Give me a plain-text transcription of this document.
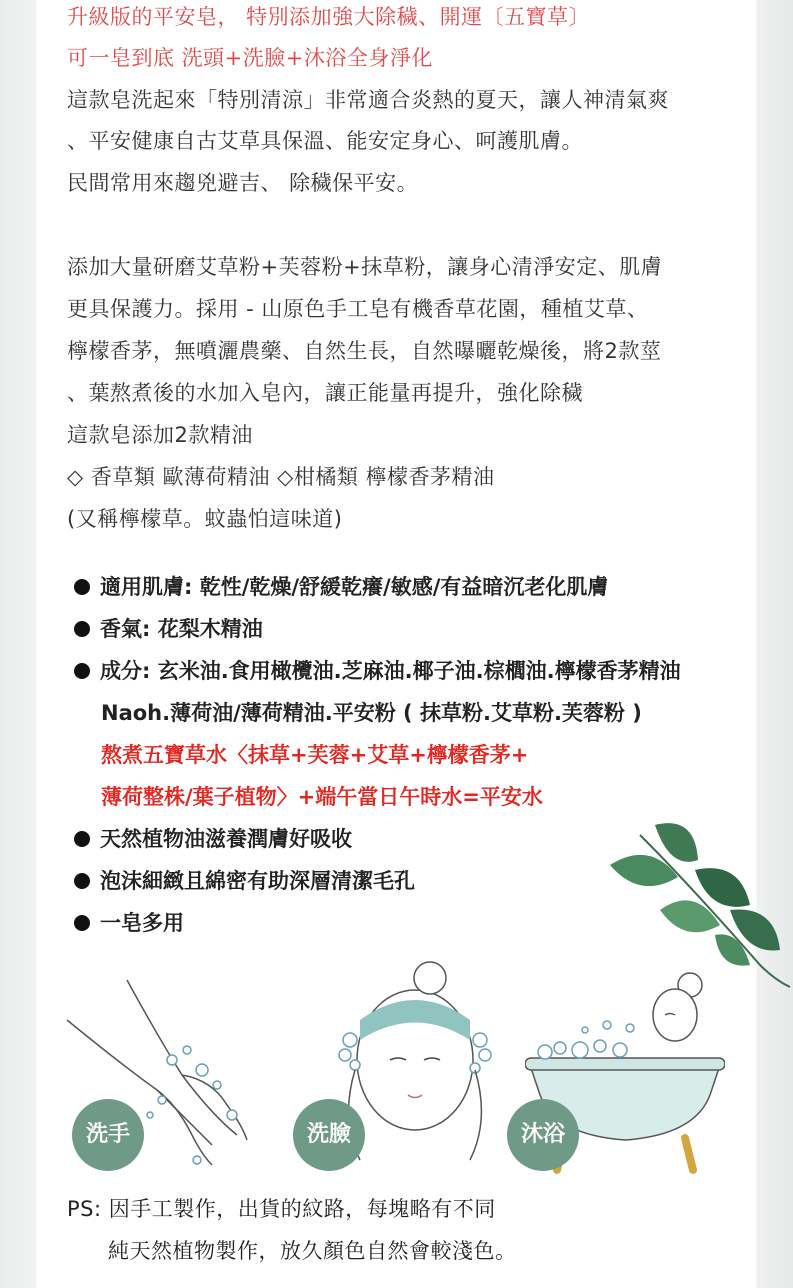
升級版的平安皂， 特別添加強大除穢、開運〔五寶草〕
可一皂到底 洗頭+洗臉+沐浴全身淨化
這款皂洗起來「特別清涼」非常適合炎熱的夏天，讓人神清氣爽
、平安健康自古艾草具保溫、能安定身心、呵護肌膚。
民間常用來趨兇避吉、 除穢保平安。
添加大量研磨艾草粉+芙蓉粉+抹草粉，讓身心清淨安定、肌膚
更具保護力。採用 - 山原色手工皂有機香草花園，種植艾草、
檸檬香茅，無噴灑農藥、自然生長，自然曝曬乾燥後，將2款莖
、葉熬煮後的水加入皂內，讓正能量再提升，強化除穢
這款皂添加2款精油
◇ 香草類 歐薄荷精油 ◇柑橘類 檸檬香茅精油
(又稱檸檬草。蚊蟲怕這味道)
適用肌膚: 乾性/乾燥/舒緩乾癢/敏感/有益暗沉老化肌膚
香氣: 花梨木精油
成分: 玄米油.食用橄欖油.芝麻油.椰子油.棕櫚油.檸檬香茅精油
Naoh.薄荷油/薄荷精油.平安粉 ( 抹草粉.艾草粉.芙蓉粉 )
熬煮五寶草水〈抹草+芙蓉+艾草+檸檬香茅+
薄荷整株/葉子植物〉+端午當日午時水=平安水
天然植物油滋養潤膚好吸收
泡沫細緻且綿密有助深層清潔毛孔
一皂多用
洗手	洗臉	沐浴
PS: 因手工製作，出貨的紋路，每塊略有不同
純天然植物製作，放久顏色自然會較淺色。
